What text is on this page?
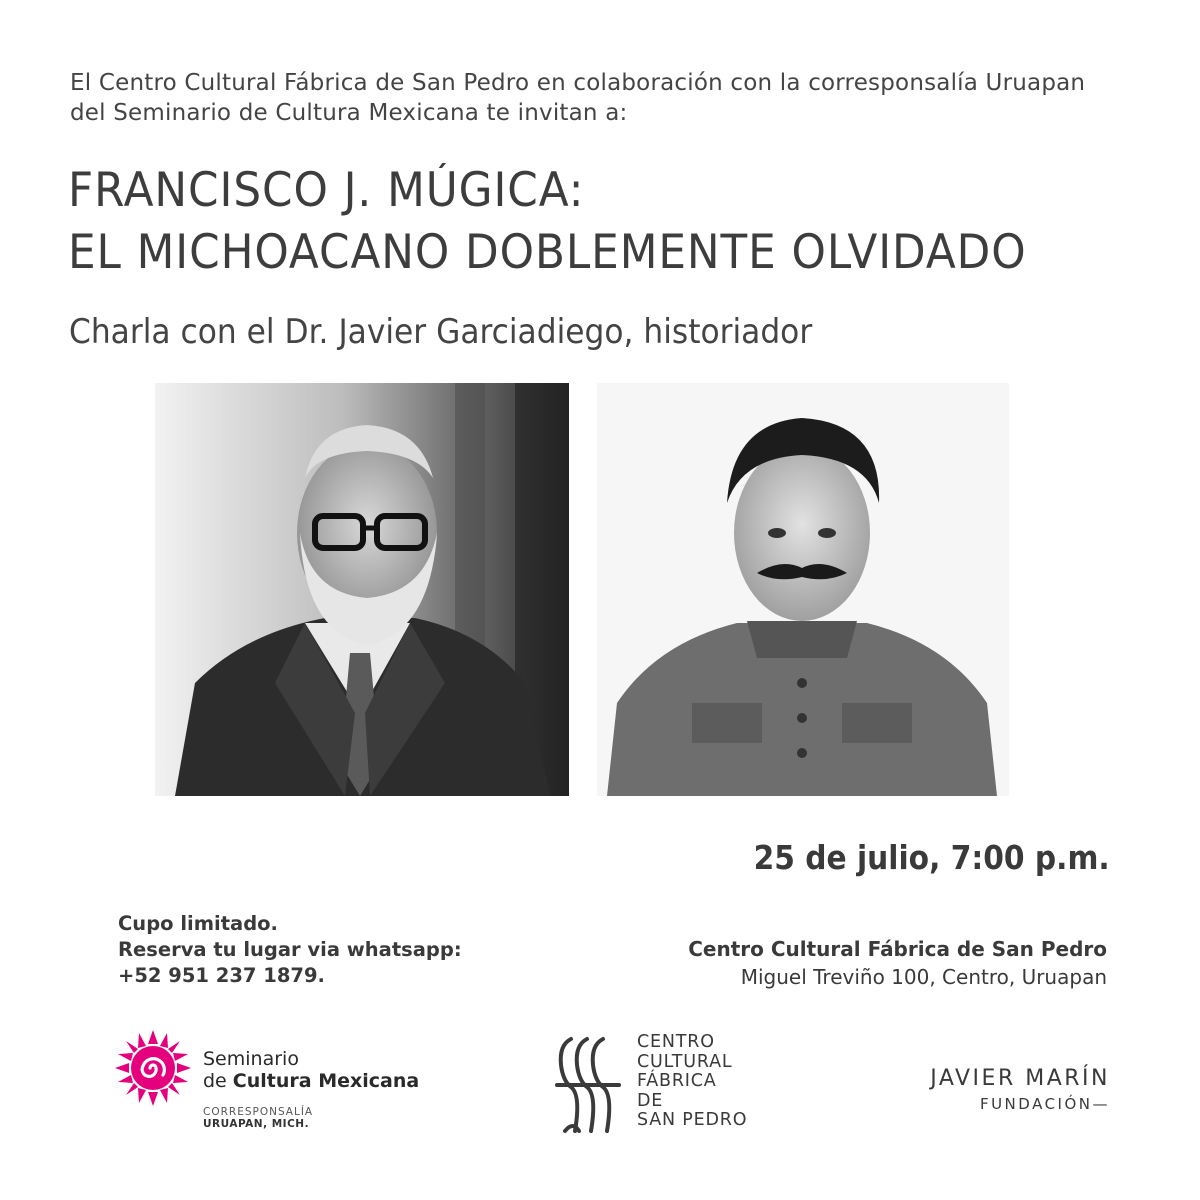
El Centro Cultural Fábrica de San Pedro en colaboración con la corresponsalía Uruapan
del Seminario de Cultura Mexicana te invitan a:
FRANCISCO J. MÚGICA:
EL MICHOACANO DOBLEMENTE OLVIDADO
Charla con el Dr. Javier Garciadiego, historiador
25 de julio, 7:00 p.m.
Cupo limitado.
Reserva tu lugar via whatsapp:
+52 951 237 1879.
Centro Cultural Fábrica de San Pedro
Miguel Treviño 100, Centro, Uruapan
Seminario
de Cultura Mexicana
CORRESPONSALÍA
URUAPAN, MICH.
CENTRO
CULTURAL
FÁBRICA
DE
SAN PEDRO
JAVIER MARÍN
FUNDACIÓN—
